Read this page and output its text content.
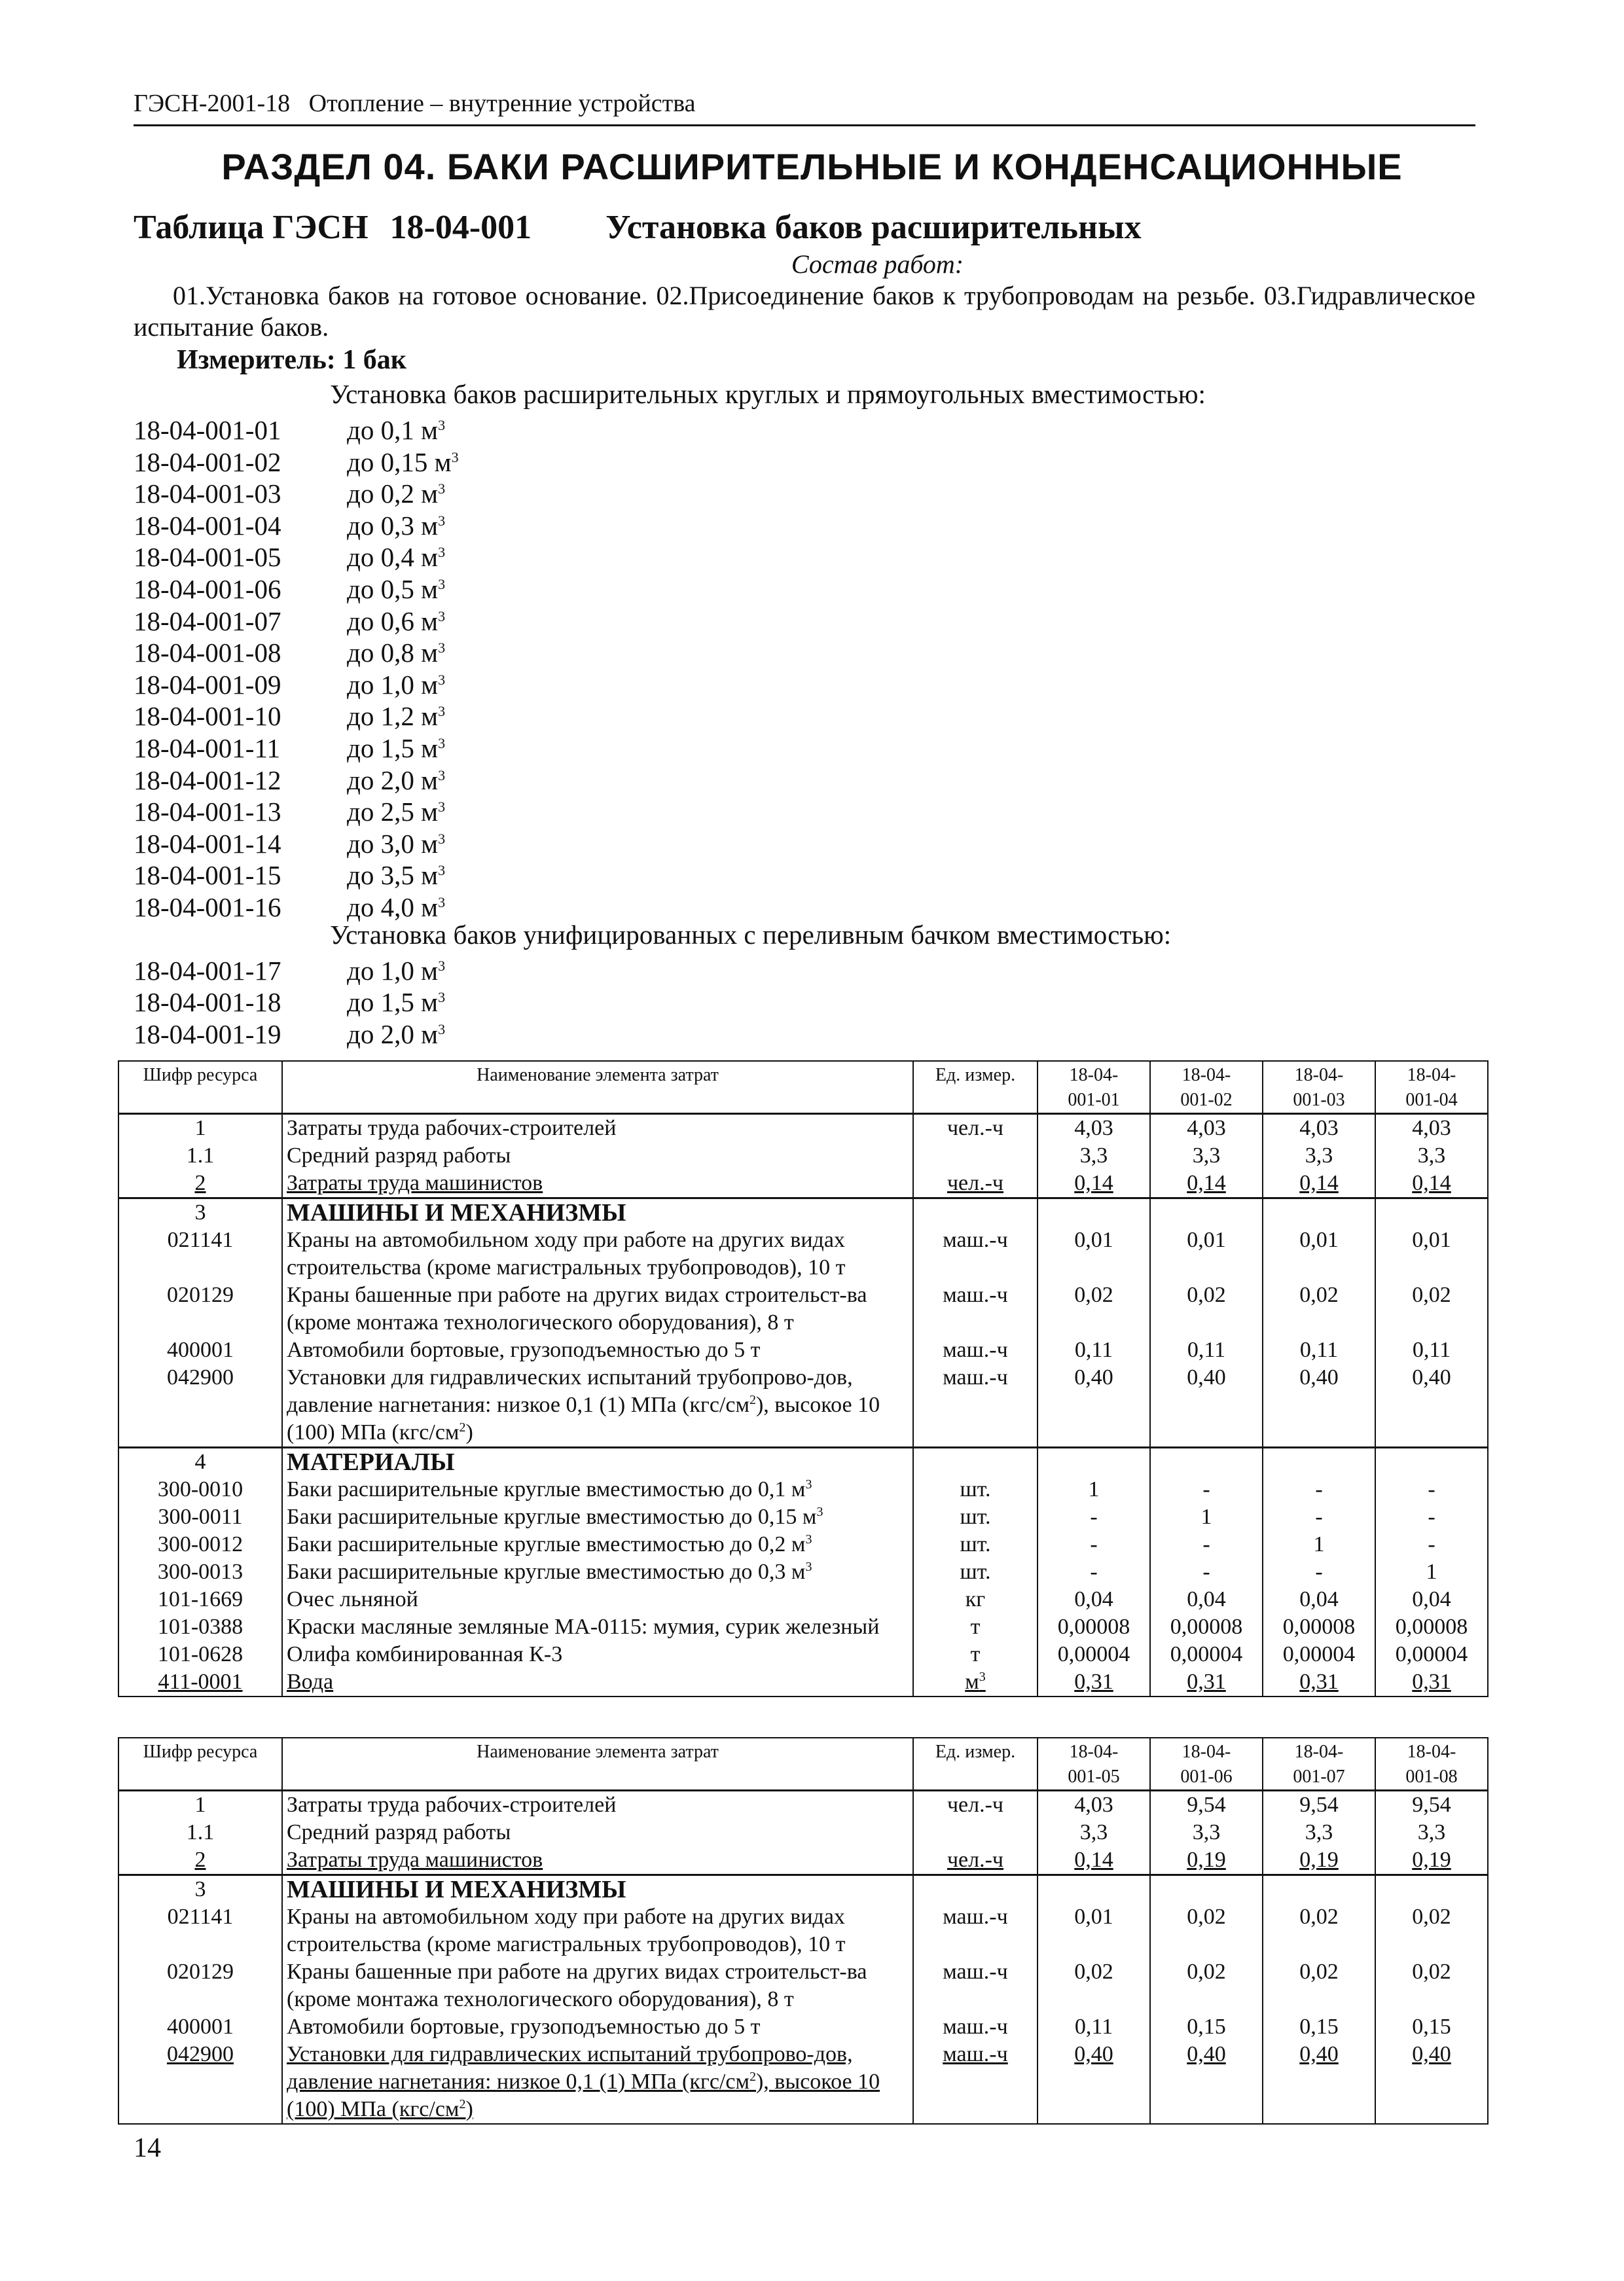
ГЭСН-2001-18 Отопление – внутренние устройства
РАЗДЕЛ 04. БАКИ РАСШИРИТЕЛЬНЫЕ И КОНДЕНСАЦИОННЫЕ
Таблица ГЭСН 18-04-001 Установка баков расширительных
Состав работ:
01.Установка баков на готовое основание. 02.Присоединение баков к трубопроводам на резьбе. 03.Гидравлическое испытание баков.
Измеритель: 1 бак
Установка баков расширительных круглых и прямоугольных вместимостью:
18-04-001-01 до 0,1 $м^3$
18-04-001-02 до 0,15 $м^3$
18-04-001-03 до 0,2 $м^3$
18-04-001-04 до 0,3 $м^3$
18-04-001-05 до 0,4 $м^3$
18-04-001-06 до 0,5 $м^3$
18-04-001-07 до 0,6 $м^3$
18-04-001-08 до 0,8 $м^3$
18-04-001-09 до 1,0 $м^3$
18-04-001-10 до 1,2 $м^3$
18-04-001-11 до 1,5 $м^3$
18-04-001-12 до 2,0 $м^3$
18-04-001-13 до 2,5 $м^3$
18-04-001-14 до 3,0 $м^3$
18-04-001-15 до 3,5 $м^3$
18-04-001-16 до 4,0 $м^3$
Установка баков унифицированных с переливным бачком вместимостью:
18-04-001-17 до 1,0 $м^3$
18-04-001-18 до 1,5 $м^3$
18-04-001-19 до 2,0 $м^3$
Шифр ресурса	Наименование элемента затрат	Ед. измер.	18-04-
001-01	18-04-
001-02	18-04-
001-03	18-04-
001-04
1	Затраты труда рабочих-строителей	чел.-ч	4,03	4,03	4,03	4,03
1.1	Средний разряд работы		3,3	3,3	3,3	3,3
2	Затраты труда машинистов	чел.-ч	0,14	0,14	0,14	0,14
3	МАШИНЫ И МЕХАНИЗМЫ					
021141	Краны на автомобильном ходу при работе на других видах строительства (кроме магистральных трубопроводов), 10 т	маш.-ч	0,01	0,01	0,01	0,01
020129	Краны башенные при работе на других видах строительст-ва (кроме монтажа технологического оборудования), 8 т	маш.-ч	0,02	0,02	0,02	0,02
400001	Автомобили бортовые, грузоподъемностью до 5 т	маш.-ч	0,11	0,11	0,11	0,11
042900	Установки для гидравлических испытаний трубопрово-дов, давление нагнетания: низкое 0,1 (1) МПа $(кгс/см^2)$, высокое 10 (100) МПа $(кгс/см^2)$	маш.-ч	0,40	0,40	0,40	0,40
4	МАТЕРИАЛЫ					
300-0010	Баки расширительные круглые вместимостью до 0,1 $м^3$	шт.	1	-	-	-
300-0011	Баки расширительные круглые вместимостью до 0,15 $м^3$	шт.	-	1	-	-
300-0012	Баки расширительные круглые вместимостью до 0,2 $м^3$	шт.	-	-	1	-
300-0013	Баки расширительные круглые вместимостью до 0,3 $м^3$	шт.	-	-	-	1
101-1669	Очес льняной	кг	0,04	0,04	0,04	0,04
101-0388	Краски масляные земляные МА-0115: мумия, сурик железный	т	0,00008	0,00008	0,00008	0,00008
101-0628	Олифа комбинированная К-3	т	0,00004	0,00004	0,00004	0,00004
411-0001	Вода	$м^3$	0,31	0,31	0,31	0,31
Шифр ресурса	Наименование элемента затрат	Ед. измер.	18-04-
001-05	18-04-
001-06	18-04-
001-07	18-04-
001-08
1	Затраты труда рабочих-строителей	чел.-ч	4,03	9,54	9,54	9,54
1.1	Средний разряд работы		3,3	3,3	3,3	3,3
2	Затраты труда машинистов	чел.-ч	0,14	0,19	0,19	0,19
3	МАШИНЫ И МЕХАНИЗМЫ					
021141	Краны на автомобильном ходу при работе на других видах строительства (кроме магистральных трубопроводов), 10 т	маш.-ч	0,01	0,02	0,02	0,02
020129	Краны башенные при работе на других видах строительст-ва (кроме монтажа технологического оборудования), 8 т	маш.-ч	0,02	0,02	0,02	0,02
400001	Автомобили бортовые, грузоподъемностью до 5 т	маш.-ч	0,11	0,15	0,15	0,15
042900	Установки для гидравлических испытаний трубопрово-дов, давление нагнетания: низкое 0,1 (1) МПа $(кгс/см^2)$, высокое 10 (100) МПа $(кгс/см^2)$	маш.-ч	0,40	0,40	0,40	0,40
14
